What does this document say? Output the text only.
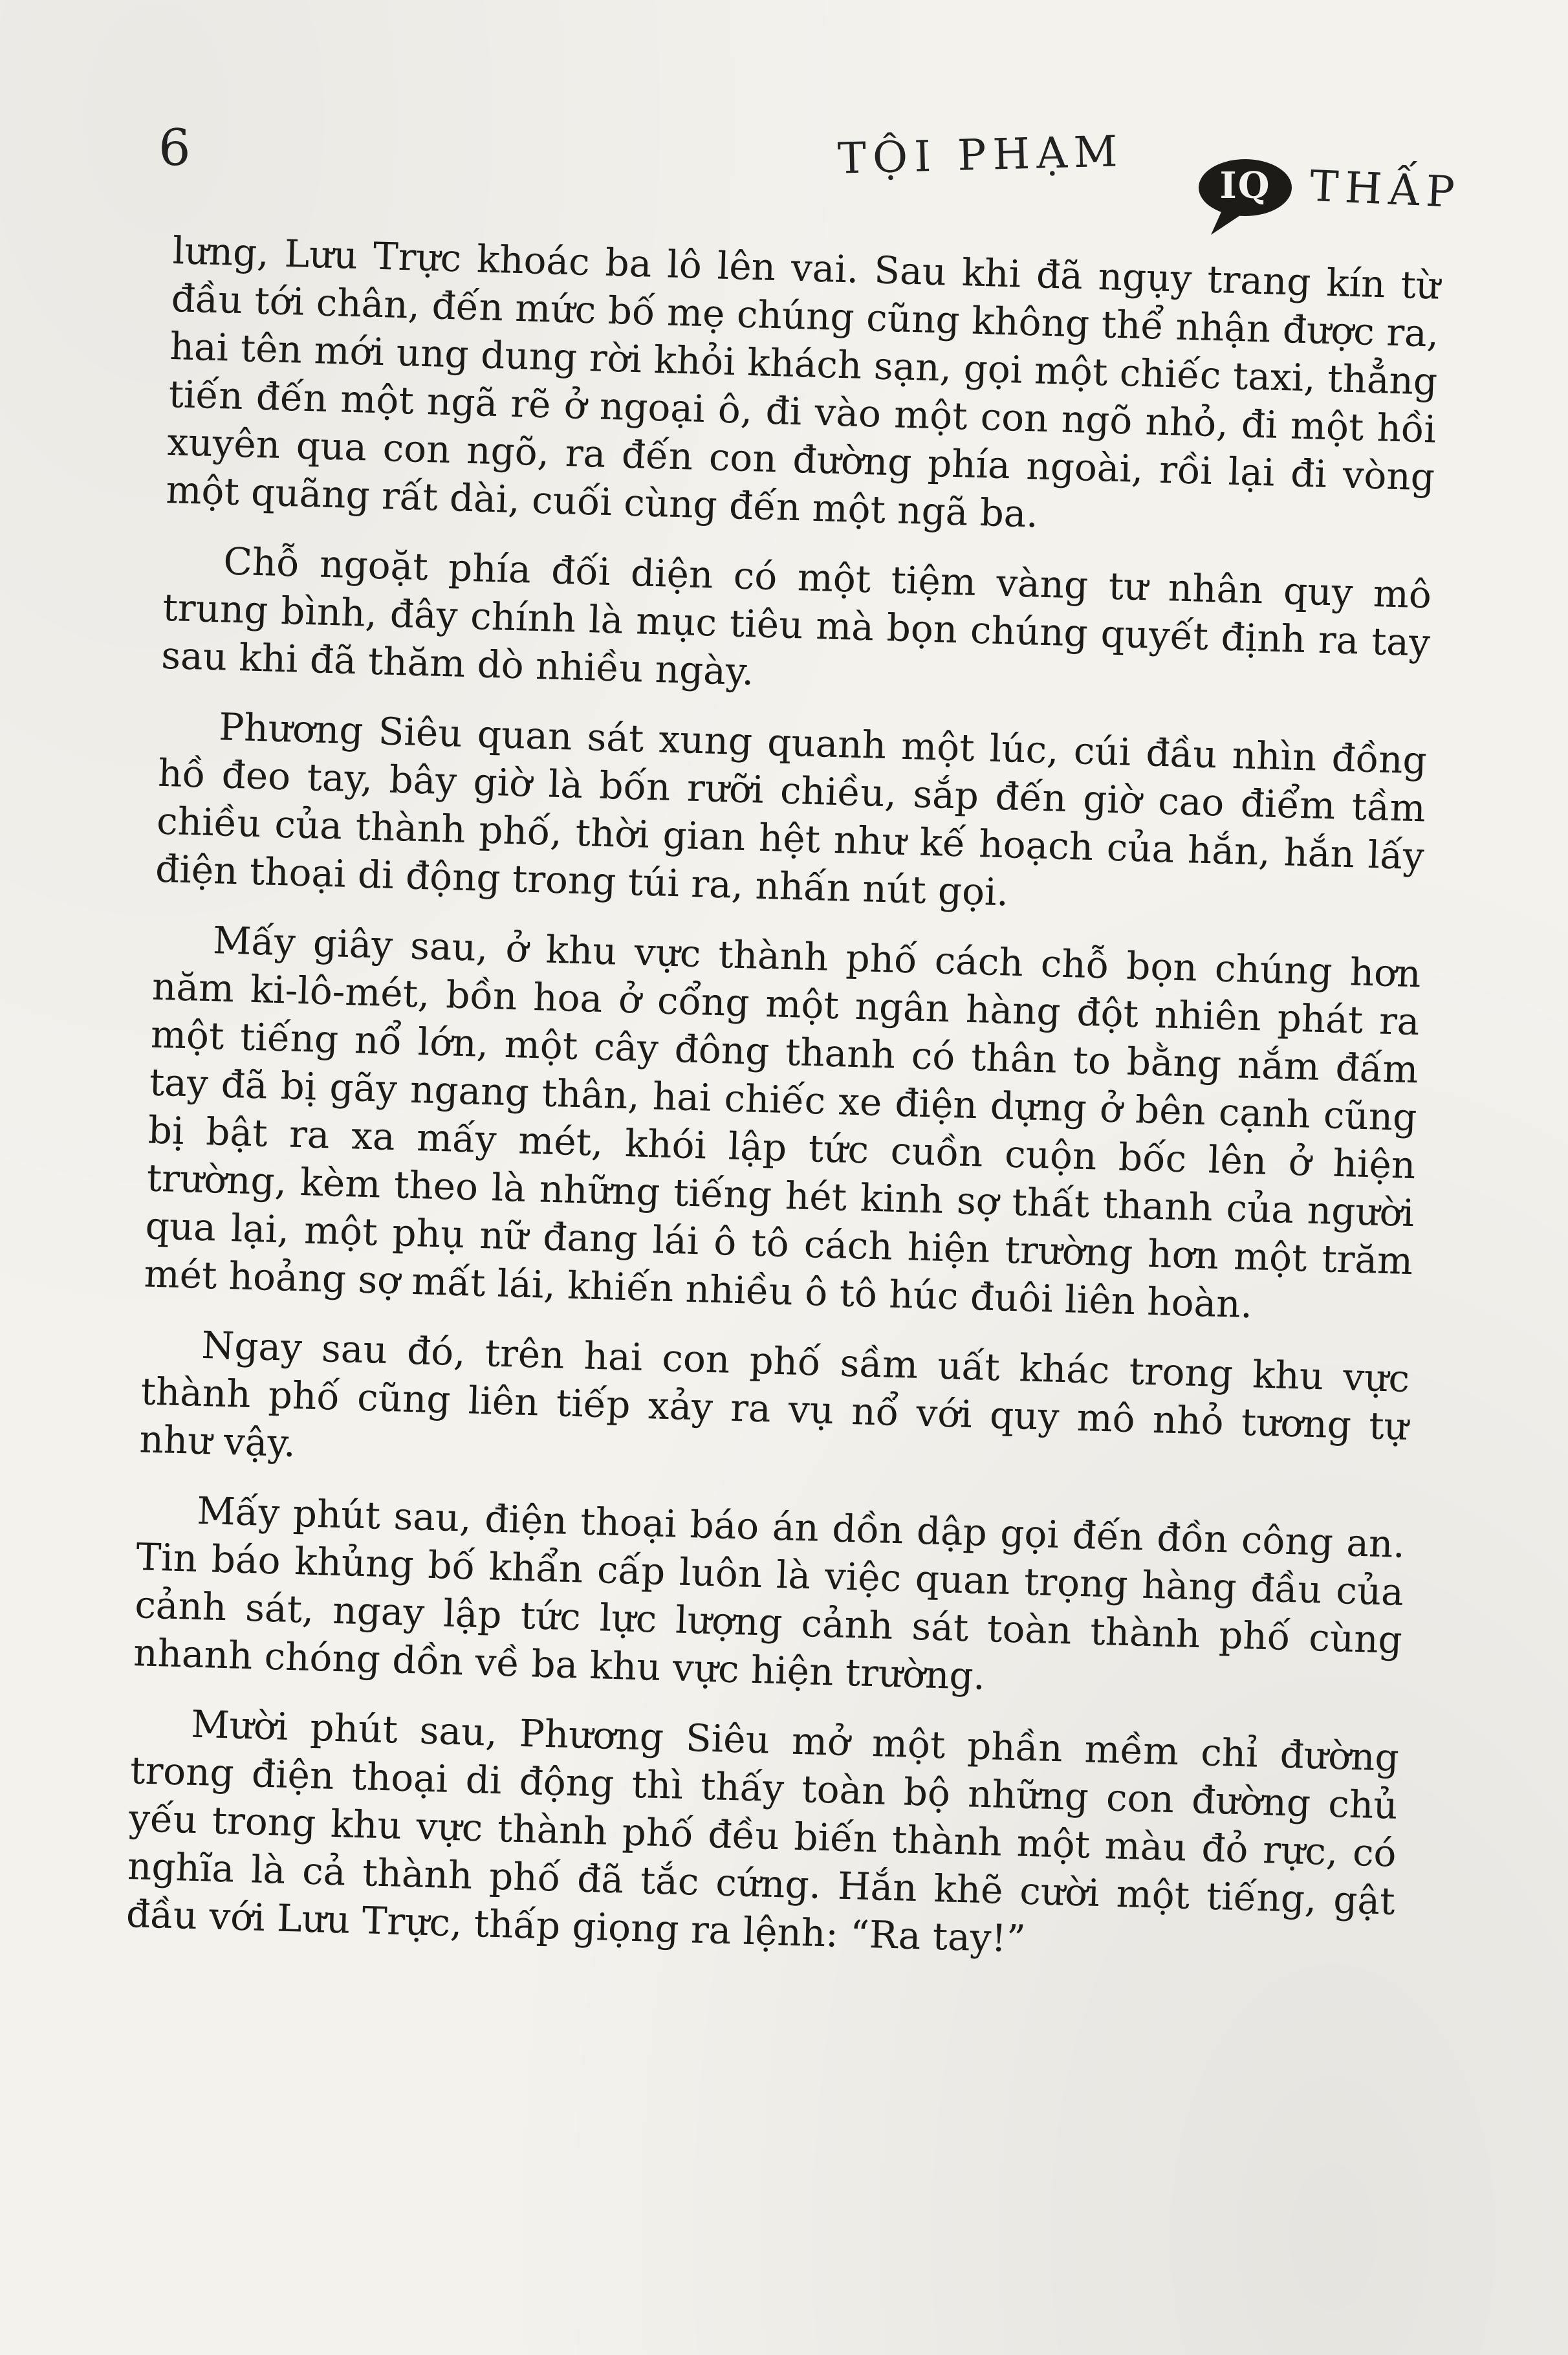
6	TỘI PHẠM
IQ THẤP

lưng, Lưu Trực khoác ba lô lên vai. Sau khi đã ngụy trang kín từ đầu tới chân, đến mức bố mẹ chúng cũng không thể nhận được ra, hai tên mới ung dung rời khỏi khách sạn, gọi một chiếc taxi, thẳng tiến đến một ngã rẽ ở ngoại ô, đi vào một con ngõ nhỏ, đi một hồi xuyên qua con ngõ, ra đến con đường phía ngoài, rồi lại đi vòng một quãng rất dài, cuối cùng đến một ngã ba.

Chỗ ngoặt phía đối diện có một tiệm vàng tư nhân quy mô trung bình, đây chính là mục tiêu mà bọn chúng quyết định ra tay sau khi đã thăm dò nhiều ngày.

Phương Siêu quan sát xung quanh một lúc, cúi đầu nhìn đồng hồ đeo tay, bây giờ là bốn rưỡi chiều, sắp đến giờ cao điểm tầm chiều của thành phố, thời gian hệt như kế hoạch của hắn, hắn lấy điện thoại di động trong túi ra, nhấn nút gọi.

Mấy giây sau, ở khu vực thành phố cách chỗ bọn chúng hơn năm ki-lô-mét, bồn hoa ở cổng một ngân hàng đột nhiên phát ra một tiếng nổ lớn, một cây đông thanh có thân to bằng nắm đấm tay đã bị gãy ngang thân, hai chiếc xe điện dựng ở bên cạnh cũng bị bật ra xa mấy mét, khói lập tức cuồn cuộn bốc lên ở hiện trường, kèm theo là những tiếng hét kinh sợ thất thanh của người qua lại, một phụ nữ đang lái ô tô cách hiện trường hơn một trăm mét hoảng sợ mất lái, khiến nhiều ô tô húc đuôi liên hoàn.

Ngay sau đó, trên hai con phố sầm uất khác trong khu vực thành phố cũng liên tiếp xảy ra vụ nổ với quy mô nhỏ tương tự như vậy.

Mấy phút sau, điện thoại báo án dồn dập gọi đến đồn công an. Tin báo khủng bố khẩn cấp luôn là việc quan trọng hàng đầu của cảnh sát, ngay lập tức lực lượng cảnh sát toàn thành phố cùng nhanh chóng dồn về ba khu vực hiện trường.

Mười phút sau, Phương Siêu mở một phần mềm chỉ đường trong điện thoại di động thì thấy toàn bộ những con đường chủ yếu trong khu vực thành phố đều biến thành một màu đỏ rực, có nghĩa là cả thành phố đã tắc cứng. Hắn khẽ cười một tiếng, gật đầu với Lưu Trực, thấp giọng ra lệnh: “Ra tay!”
